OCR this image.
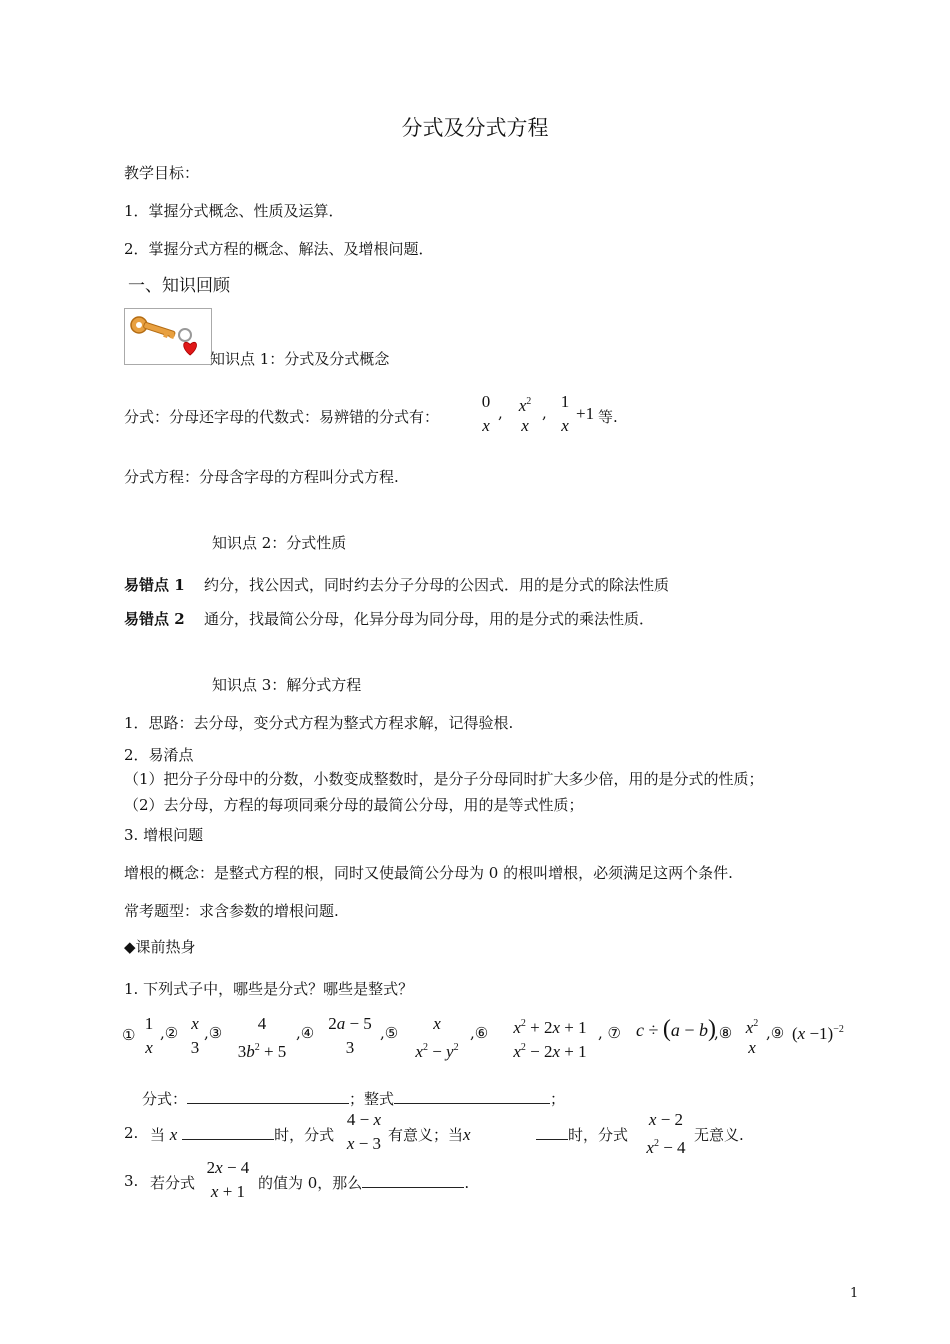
分式及分式方程
教学目标：
1．掌握分式概念、性质及运算．
2．掌握分式方程的概念、解法、及增根问题．
一、知识回顾
知识点 1：分式及分式概念
分式：分母还字母的代数式：易辨错的分式有：
0
x
, $x^2$
x
,
1
x
+1 等.
分式方程：分母含字母的方程叫分式方程.
知识点 2：分式性质
易错点 1 约分，找公因式，同时约去分子分母的公因式．用的是分式的除法性质
易错点 2 通分，找最简公分母，化异分母为同分母，用的是分式的乘法性质．
知识点 3：解分式方程
1．思路：去分母，变分式方程为整式方程求解，记得验根.
2．易淆点
（1）把分子分母中的分数，小数变成整数时，是分子分母同时扩大多少倍，用的是分式的性质；
（2）去分母，方程的每项同乘分母的最简公分母，用的是等式性质；
3. 增根问题
增根的概念：是整式方程的根，同时又使最简公分母为 0 的根叫增根，必须满足这两个条件.
常考题型：求含参数的增根问题.
◆课前热身
1. 下列式子中，哪些是分式？哪些是整式？
①
1
x
,② x
3
,③	4
$3b^2 + 5$
,④ 2a − 5
3
,⑤	x
$x^2 - y^2$
,⑥	$x^2 + 2x + 1$
$x^2 - 2x + 1$
, ⑦ c ÷ (a − b)
,⑧ $x^2$
x
,⑨ $(x -1)^{-2}$
分式：	；整式	；
2. 当 x	时，分式
4 − x
x − 3 有意义；当x	时，分式
x − 2
$x^2 - 4$
无意义.
3. 若分式
2x − 4
x + 1 的值为 0，那么	.
1
